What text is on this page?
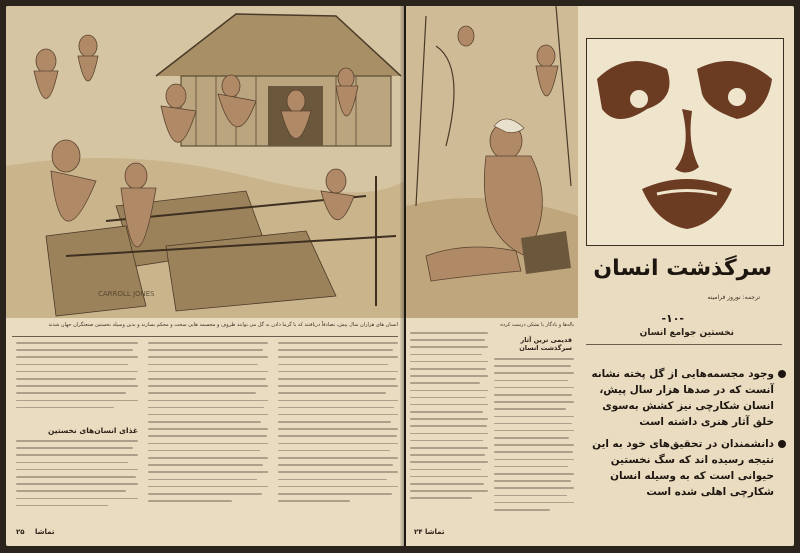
CARROLL JONES
انسان های هزاران سال پیش، تصادفاً دریافتند که با گرما دادن به گل می توانند ظروف و مجسمه هایی سخت و محکم بسازند و بدین وسیله نخستین صنعتگران جهان شدند
غذای انسان‌های نخستین
۲۵ تماشا
باله‌ها و یادگار یا بشکن درست کرده
سرگذشت انسان
ترجمه: نوروز فرامینه
-۱۰-
نخستین جوامع انسان
قدیمی ترین آثار سرگذشت انسان
وجود مجسمه‌هایی از گل پخته نشانه آنست که در صدها هزار سال پیش، انسان شکارچی نیز کشش به‌سوی خلق آثار هنری داشته است
دانشمندان در تحقیق‌های خود به این نتیجه رسیده اند که سگ نخستین حیوانی است که به وسیله انسان شکارچی اهلی شده است
تماشا ۲۴
